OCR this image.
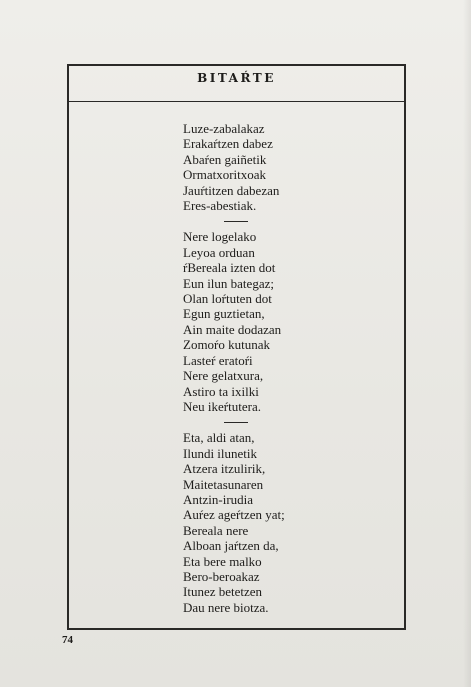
BITAŔTE
Luze-zabalakaz
Erakaŕtzen dabez
Abaŕen gaiñetik
Ormatxoritxoak
Jauŕtitzen dabezan
Eres-abestiak.
Nere logelako
Leyoa orduan
ŕBereala izten dot
Eun ilun bategaz;
Olan loŕtuten dot
Egun guztietan,
Ain maite dodazan
Zomoŕo kutunak
Lasteŕ eratoŕi
Nere gelatxura,
Astiro ta ixilki
Neu ikeŕtutera.
Eta, aldi atan,
Ilundi ilunetik
Atzera itzulirik,
Maitetasunaren
Antzin-irudia
Auŕez ageŕtzen yat;
Bereala nere
Alboan jaŕtzen da,
Eta bere malko
Bero-beroakaz
Itunez betetzen
Dau nere biotza.
74
